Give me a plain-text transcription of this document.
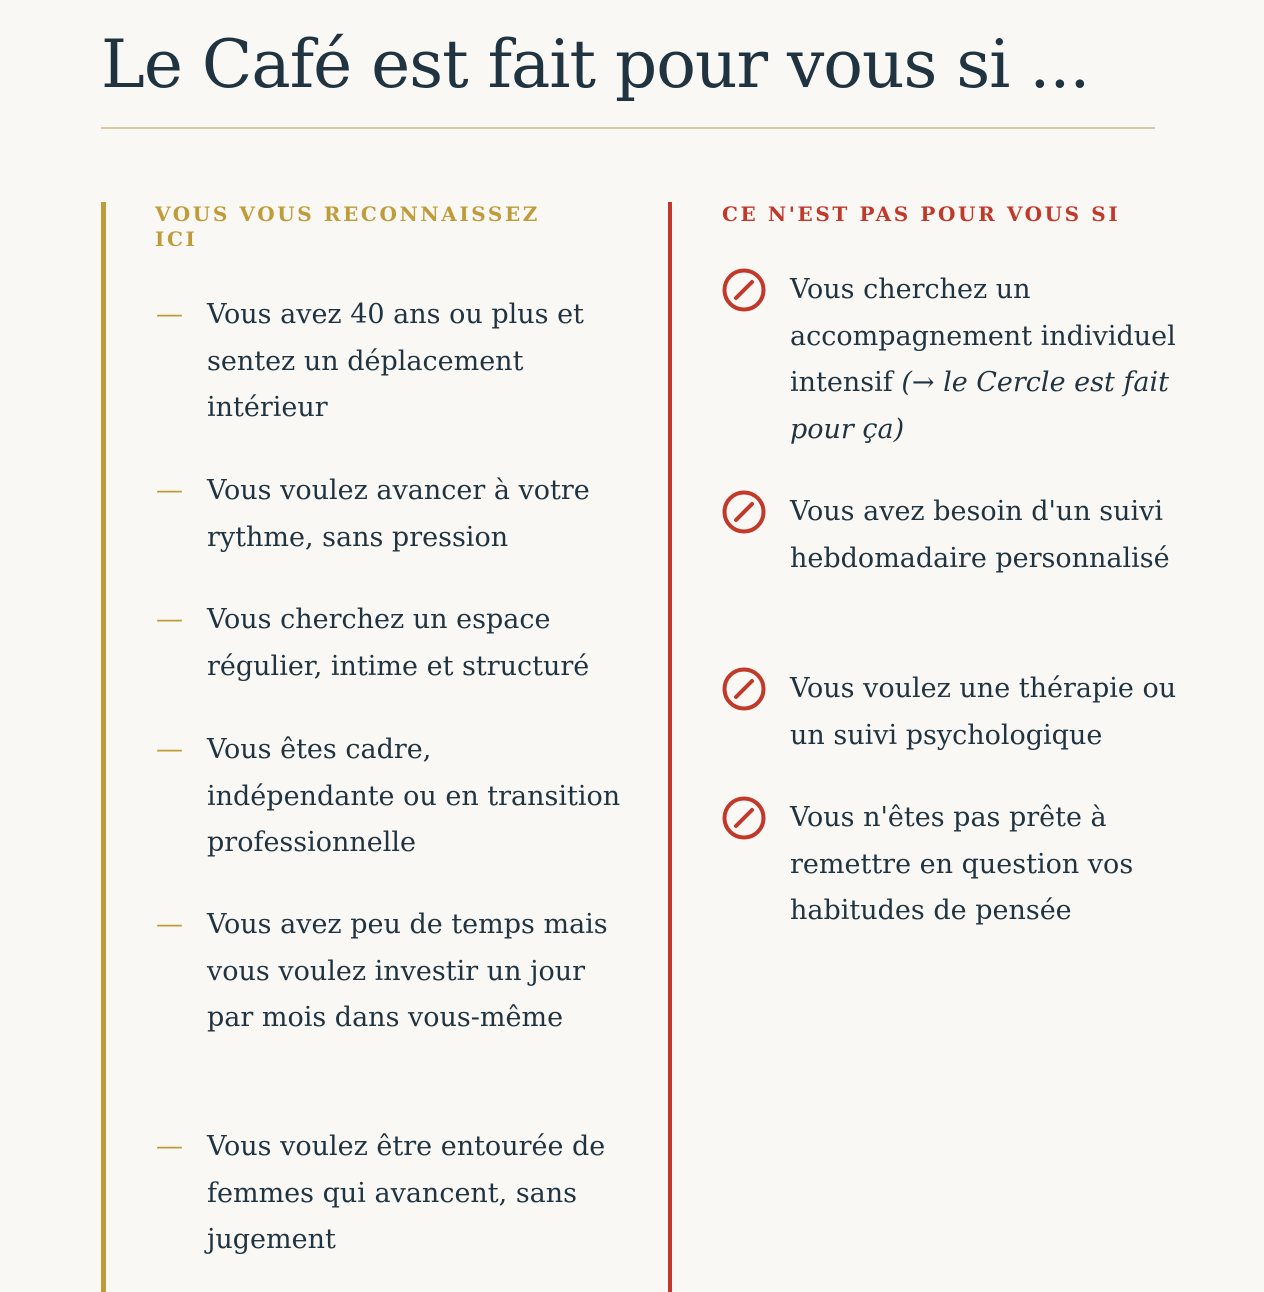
Le Café est fait pour vous si ...
VOUS VOUS RECONNAISSEZ ICI
— Vous avez 40 ans ou plus et sentez un déplacement intérieur
— Vous voulez avancer à votre rythme, sans pression
— Vous cherchez un espace régulier, intime et structuré
— Vous êtes cadre, indépendante ou en transition professionnelle
— Vous avez peu de temps mais vous voulez investir un jour par mois dans vous-même
— Vous voulez être entourée de femmes qui avancent, sans jugement
CE N'EST PAS POUR VOUS SI
Vous cherchez un accompagnement individuel intensif (→ le Cercle est fait pour ça)
Vous avez besoin d'un suivi hebdomadaire personnalisé
Vous voulez une thérapie ou un suivi psychologique
Vous n'êtes pas prête à remettre en question vos habitudes de pensée
